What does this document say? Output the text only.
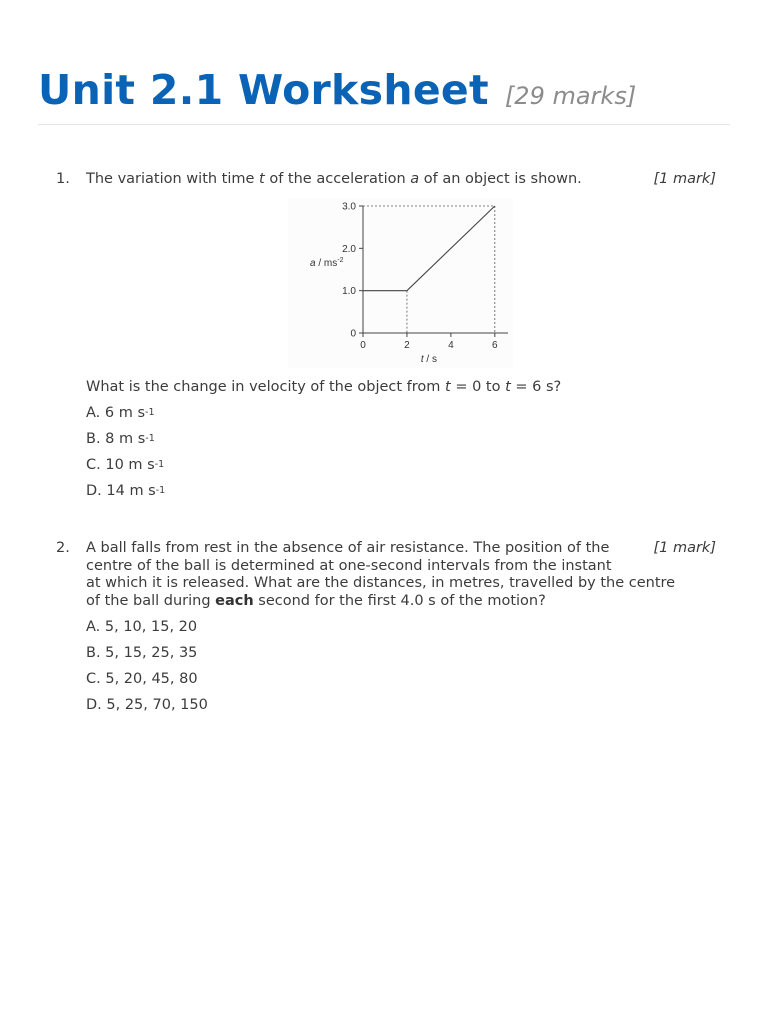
Unit 2.1 Worksheet [29 marks]
1.	[1 mark]
The variation with time t of the acceleration a of an object is shown.
0
1.0
2.0
3.0
0	2	4	6
a / $ms^{-2}$
t / s
What is the change in velocity of the object from t = 0 to t = 6 s?
A. 6 m $s^{-1}$
B. 8 m $s^{-1}$
C. 10 m $s^{-1}$
D. 14 m $s^{-1}$
2.	[1 mark]
A ball falls from rest in the absence of air resistance. The position of the
centre of the ball is determined at one-second intervals from the instant
at which it is released. What are the distances, in metres, travelled by the centre
of the ball during each second for the first 4.0 s of the motion?
A. 5, 10, 15, 20
B. 5, 15, 25, 35
C. 5, 20, 45, 80
D. 5, 25, 70, 150
